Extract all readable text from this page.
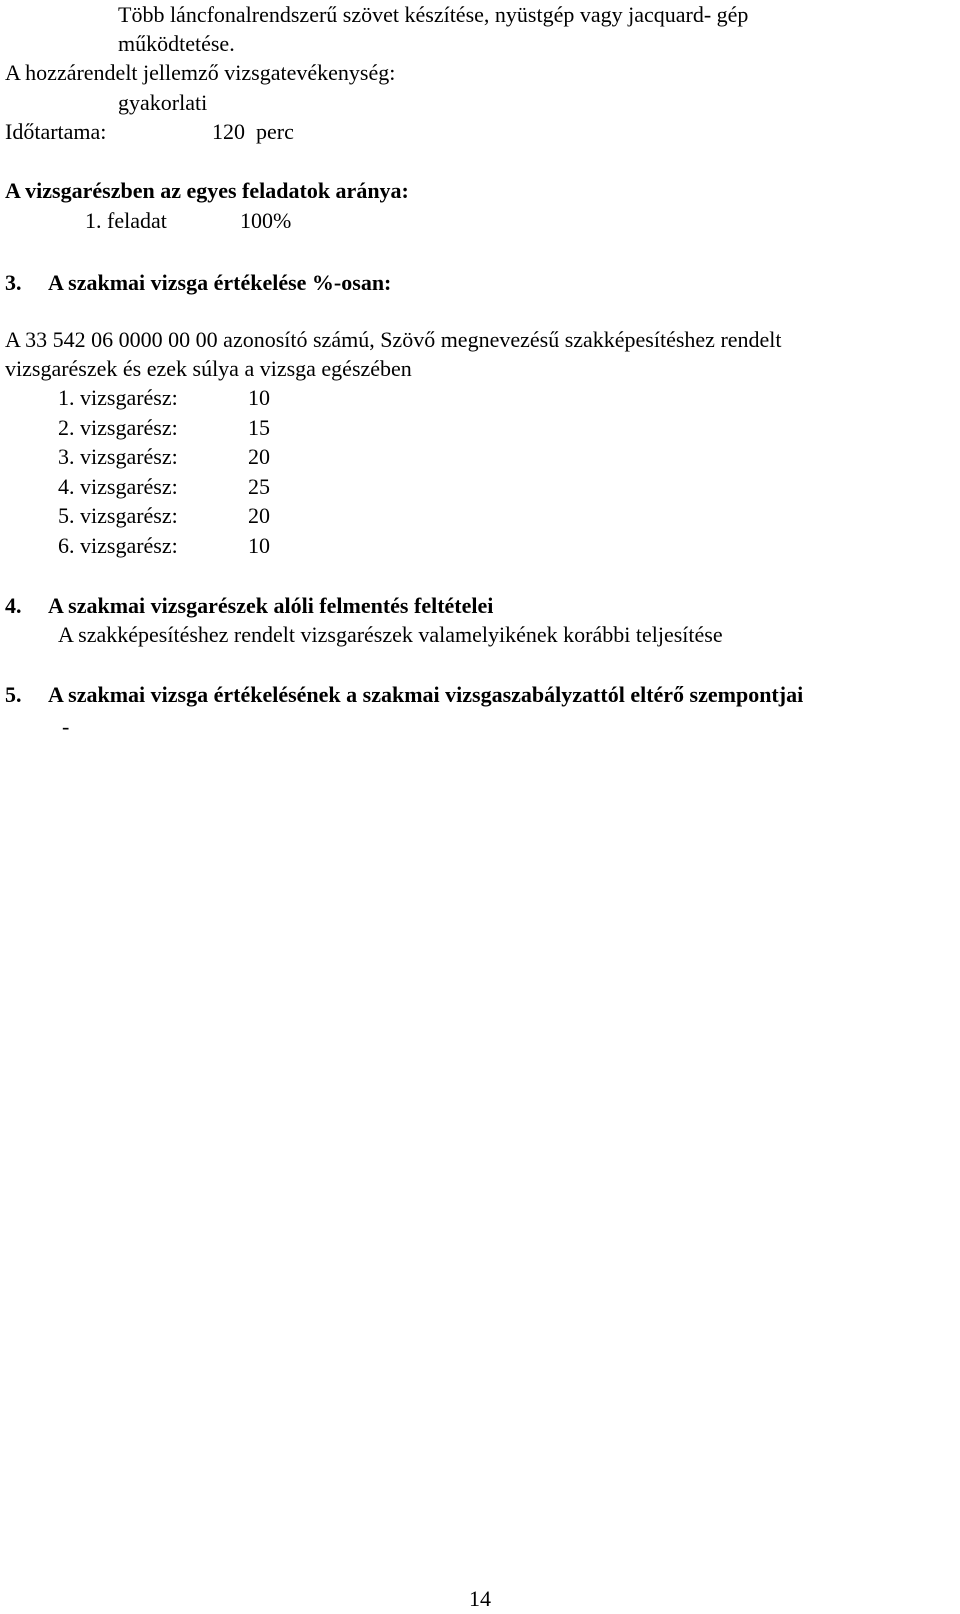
Több láncfonalrendszerű szövet készítése, nyüstgép vagy jacquard- gép
működtetése.
A hozzárendelt jellemző vizsgatevékenység:
gyakorlati
Időtartama:	120  perc
A vizsgarészben az egyes feladatok aránya:
1. feladat	100%
3. A szakmai vizsga értékelése %-osan:
A 33 542 06 0000 00 00 azonosító számú, Szövő megnevezésű szakképesítéshez rendelt
vizsgarészek és ezek súlya a vizsga egészében
1. vizsgarész:	10
2. vizsgarész:	15
3. vizsgarész:	20
4. vizsgarész:	25
5. vizsgarész:	20
6. vizsgarész:	10
4. A szakmai vizsgarészek alóli felmentés feltételei
A szakképesítéshez rendelt vizsgarészek valamelyikének korábbi teljesítése
5. A szakmai vizsga értékelésének a szakmai vizsgaszabályzattól eltérő szempontjai
-
14
